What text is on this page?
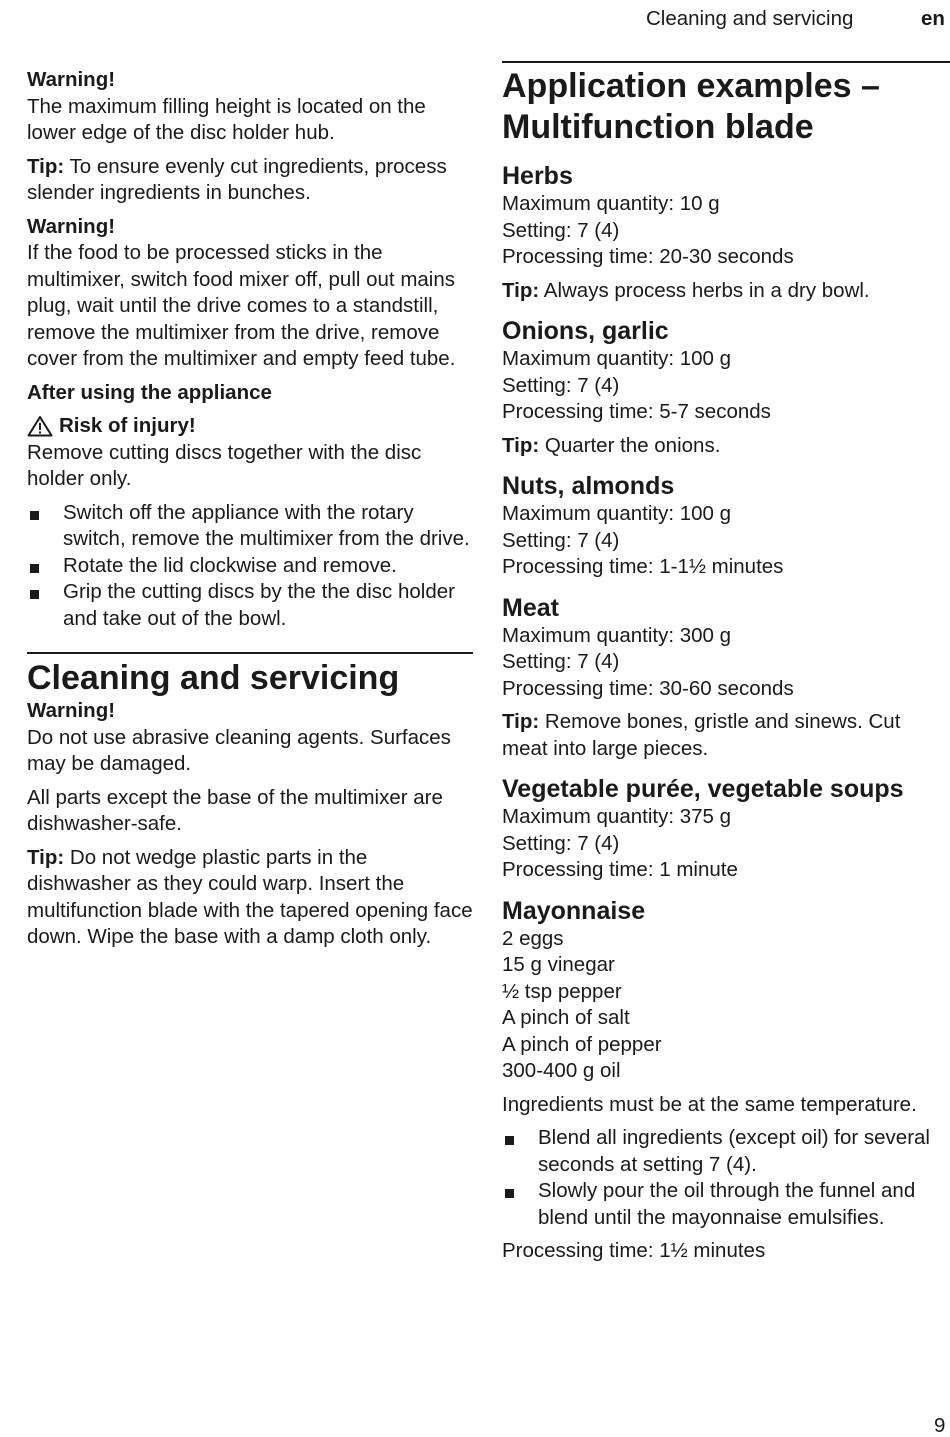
Cleaning and servicing	en

Warning!

The maximum filling height is located on the lower edge of the disc holder hub.

Tip: To ensure evenly cut ingredients, process slender ingredients in bunches.

Warning!

If the food to be processed sticks in the multimixer, switch food mixer off, pull out mains plug, wait until the drive comes to a standstill, remove the multimixer from the drive, remove cover from the multimixer and empty feed tube.

After using the appliance

Risk of injury!

Remove cutting discs together with the disc holder only.

Switch off the appliance with the rotary switch, remove the multimixer from the drive.
Rotate the lid clockwise and remove.
Grip the cutting discs by the the disc holder and take out of the bowl.
Cleaning and servicing

Warning!

Do not use abrasive cleaning agents. Surfaces may be damaged.

All parts except the base of the multimixer are dishwasher-safe.

Tip: Do not wedge plastic parts in the dishwasher as they could warp. Insert the multifunction blade with the tapered opening face down. Wipe the base with a damp cloth only.

Application examples –
Multifunction blade
Herbs

Maximum quantity: 10 g

Setting: 7 (4)

Processing time: 20-30 seconds

Tip: Always process herbs in a dry bowl.

Onions, garlic

Maximum quantity: 100 g

Setting: 7 (4)

Processing time: 5-7 seconds

Tip: Quarter the onions.

Nuts, almonds

Maximum quantity: 100 g

Setting: 7 (4)

Processing time: 1-1½ minutes

Meat

Maximum quantity: 300 g

Setting: 7 (4)

Processing time: 30-60 seconds

Tip: Remove bones, gristle and sinews. Cut meat into large pieces.

Vegetable purée, vegetable soups

Maximum quantity: 375 g

Setting: 7 (4)

Processing time: 1 minute

Mayonnaise

2 eggs

15 g vinegar

½ tsp pepper

A pinch of salt

A pinch of pepper

300-400 g oil

Ingredients must be at the same temperature.

Blend all ingredients (except oil) for several seconds at setting 7 (4).
Slowly pour the oil through the funnel and blend until the mayonnaise emulsifies.

Processing time: 1½ minutes

9
